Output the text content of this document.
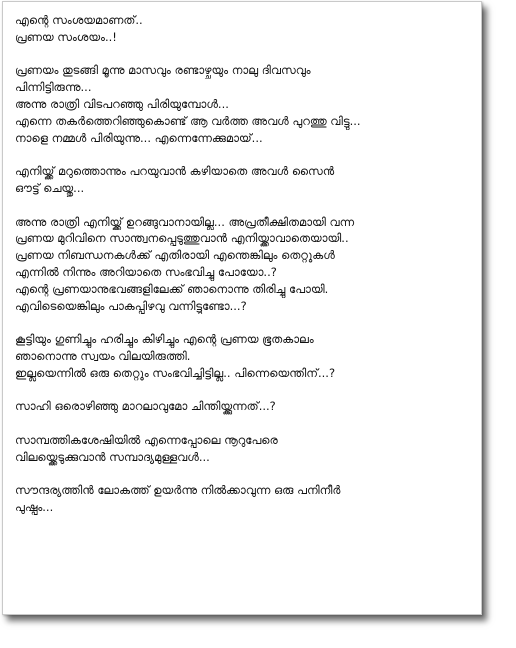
എന്റെ സംശയമാണത്..
പ്രണയ സംശയം..!
പ്രണയം തുടങ്ങി മൂന്നു മാസവും രണ്ടാഴ്ചയും നാലു ദിവസവും
പിന്നിട്ടിരുന്നു...
അന്നു രാത്രി വിടപറഞ്ഞു പിരിയുമ്പോൾ...
എന്നെ തകർത്തെറിഞ്ഞുകൊണ്ട് ആ വർത്ത അവൾ പുറത്തു വിട്ടു...
നാളെ നമ്മൾ പിരിയുന്നു... എന്നെന്നേക്കുമായ്...
എനിയ്ക്ക് മറുത്തൊന്നും പറയുവാൻ കഴിയാതെ അവൾ സൈൻ
ഔട്ട് ചെയ്തു...
അന്നു രാത്രി എനിയ്ക്ക് ഉറങ്ങുവാനായില്ല... അപ്രതീക്ഷിതമായി വന്ന
പ്രണയ മുറിവിനെ സാന്ത്വനപ്പെടുത്തുവാൻ എനിയ്ക്കാവാതെയായി..
പ്രണയ നിബന്ധനകൾക്ക് എതിരായി എന്തെങ്കിലും തെറ്റുകൾ
എന്നിൽ നിന്നും അറിയാതെ സംഭവിച്ചു പോയോ..?
എന്റെ പ്രണയാനുഭവങ്ങളിലേക്ക് ഞാനൊന്നു തിരിച്ചു പോയി.
എവിടെയെങ്കിലും പാകപ്പിഴവു വന്നിട്ടുണ്ടോ...?
കൂട്ടിയും ഗുണിച്ചും ഹരിച്ചും കിഴിച്ചും എന്റെ പ്രണയ ഭൂതകാലം
ഞാനൊന്നു സ്വയം വിലയിരുത്തി.
ഇല്ലയെന്നിൽ ഒരു തെറ്റും സംഭവിച്ചിട്ടില്ല.. പിന്നെയെന്തിന്...?
സാഹി ഒരൊഴിഞ്ഞു മാറലാവുമോ ചിന്തിയ്ക്കുന്നത്...?
സാമ്പത്തികശേഷിയിൽ എന്നെപ്പോലെ നൂറുപേരെ
വിലയ്ക്കെടുക്കുവാൻ സമ്പാദ്യമുള്ളവൾ...
സൗന്ദര്യത്തിൻ ലോകത്ത് ഉയർന്നു നിൽക്കാവുന്ന ഒരു പനിനീർ
പുഷ്പം...
